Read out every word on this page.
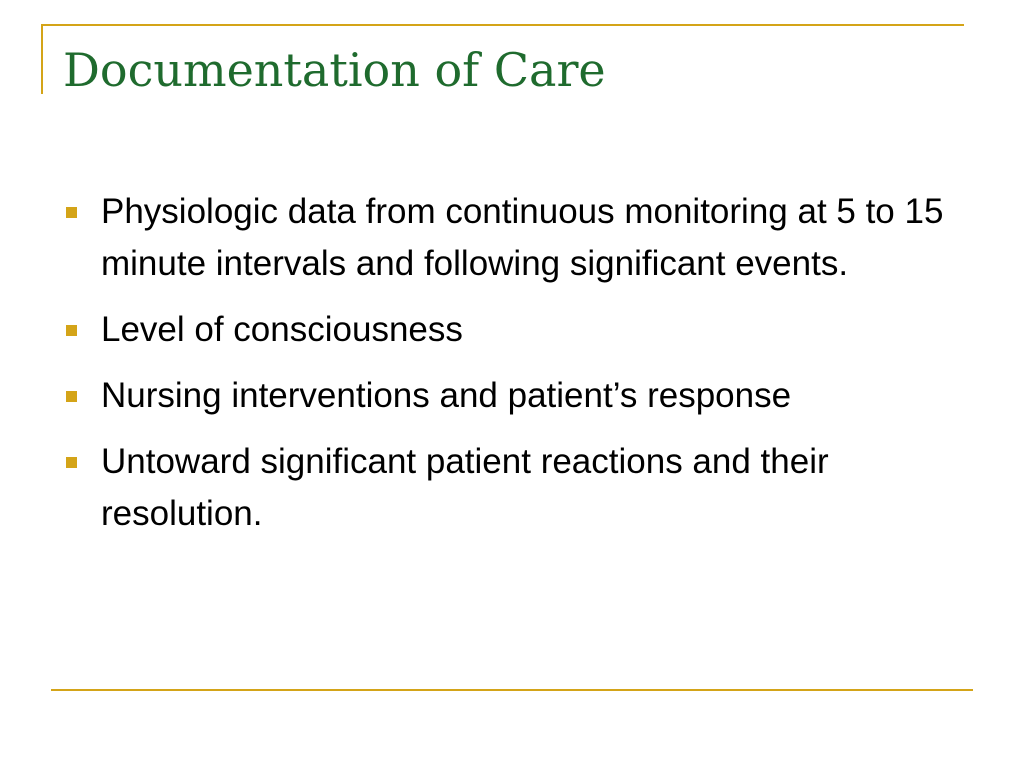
Documentation of Care
Physiologic data from continuous monitoring at 5 to 15 minute intervals and following significant events.
Level of consciousness
Nursing interventions and patient’s response
Untoward significant patient reactions and their resolution.
